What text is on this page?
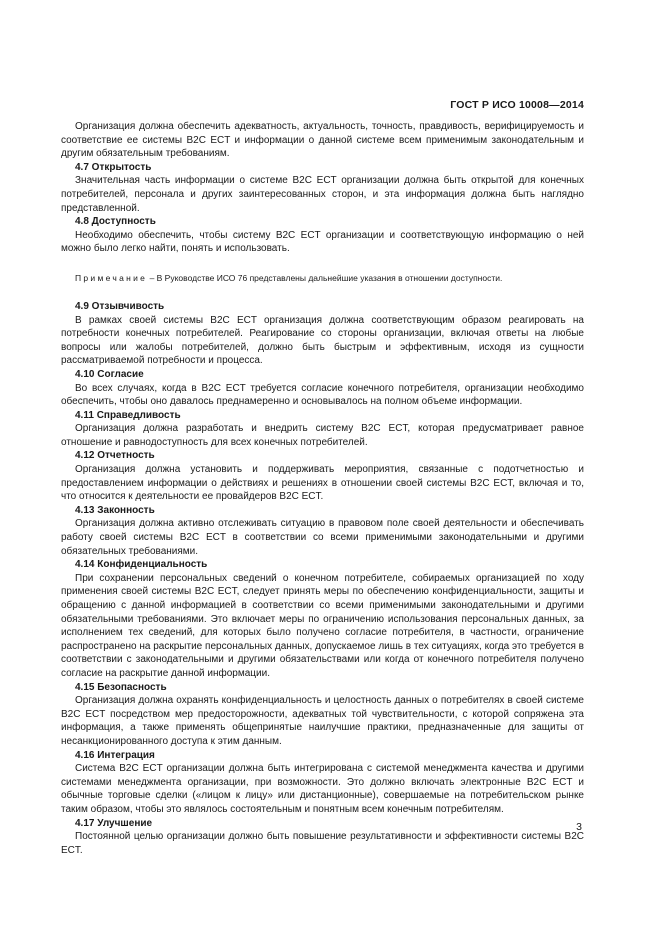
ГОСТ Р ИСО 10008—2014

Организация должна обеспечить адекватность, актуальность, точность, правдивость, верифицируемость и соответствие ее системы B2C ECT и информации о данной системе всем применимым законодательным и другим обязательным требованиям.

4.7 Открытость

Значительная часть информации о системе B2C ECT организации должна быть открытой для конечных потребителей, персонала и других заинтересованных сторон, и эта информация должна быть наглядно представленной.

4.8 Доступность

Необходимо обеспечить, чтобы систему B2C ECT организации и соответствующую информацию о ней можно было легко найти, понять и использовать.

Примечание – В Руководстве ИСО 76 представлены дальнейшие указания в отношении доступности.

4.9 Отзывчивость

В рамках своей системы B2C ECT организация должна соответствующим образом реагировать на потребности конечных потребителей. Реагирование со стороны организации, включая ответы на любые вопросы или жалобы потребителей, должно быть быстрым и эффективным, исходя из сущности рассматриваемой потребности и процесса.

4.10 Согласие

Во всех случаях, когда в B2C ECT требуется согласие конечного потребителя, организации необходимо обеспечить, чтобы оно давалось преднамеренно и основывалось на полном объеме информации.

4.11 Справедливость

Организация должна разработать и внедрить систему B2C ECT, которая предусматривает равное отношение и равнодоступность для всех конечных потребителей.

4.12 Отчетность

Организация должна установить и поддерживать мероприятия, связанные с подотчетностью и предоставлением информации о действиях и решениях в отношении своей системы B2C ECT, включая и то, что относится к деятельности ее провайдеров B2C ECT.

4.13 Законность

Организация должна активно отслеживать ситуацию в правовом поле своей деятельности и обеспечивать работу своей системы B2C ECT в соответствии со всеми применимыми законодательными и другими обязательных требованиями.

4.14 Конфиденциальность

При сохранении персональных сведений о конечном потребителе, собираемых организацией по ходу применения своей системы B2C ECT, следует принять меры по обеспечению конфиденциальности, защиты и обращению с данной информацией в соответствии со всеми применимыми законодательными и другими обязательными требованиями. Это включает меры по ограничению использования персональных данных, за исполнением тех сведений, для которых было получено согласие потребителя, в частности, ограничение распространено на раскрытие персональных данных, допускаемое лишь в тех ситуациях, когда это требуется в соответствии с законодательными и другими обязательствами или когда от конечного потребителя получено согласие на раскрытие данной информации.

4.15 Безопасность

Организация должна охранять конфиденциальность и целостность данных о потребителях в своей системе B2C ECT посредством мер предосторожности, адекватных той чувствительности, с которой сопряжена эта информация, а также применять общепринятые наилучшие практики, предназначенные для защиты от несанкционированного доступа к этим данным.

4.16 Интеграция

Система B2C ECT организации должна быть интегрирована с системой менеджмента качества и другими системами менеджмента организации, при возможности. Это должно включать электронные B2C ECT и обычные торговые сделки («лицом к лицу» или дистанционные), совершаемые на потребительском рынке таким образом, чтобы это являлось состоятельным и понятным всем конечным потребителям.

4.17 Улучшение

Постоянной целью организации должно быть повышение результативности и эффективности системы B2C ECT.

3
